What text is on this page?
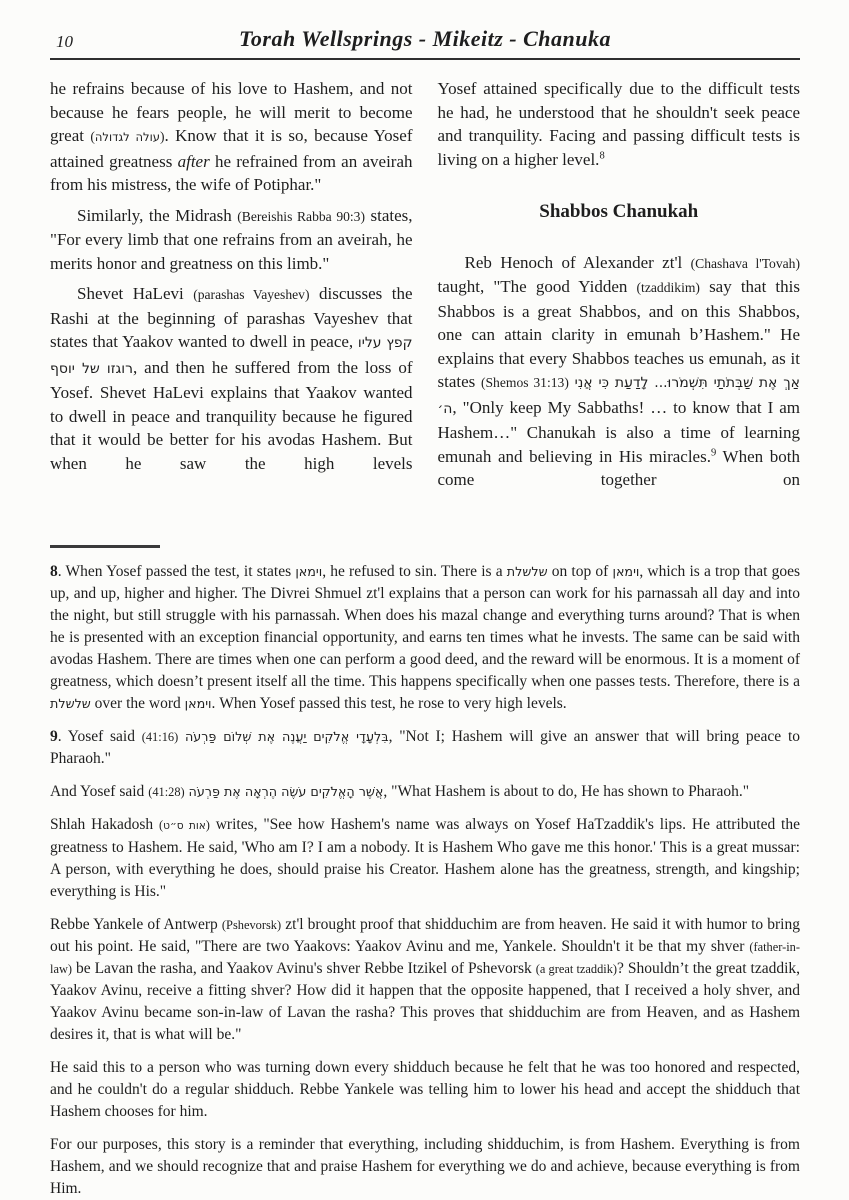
10	Torah Wellsprings - Mikeitz - Chanuka

he refrains because of his love to Hashem, and not because he fears people, he will merit to become great (עולה לגדולה). Know that it is so, because Yosef attained greatness after he refrained from an aveirah from his mistress, the wife of Potiphar."

Similarly, the Midrash (Bereishis Rabba 90:3) states, "For every limb that one refrains from an aveirah, he merits honor and greatness on this limb."

Shevet HaLevi (parashas Vayeshev) discusses the Rashi at the beginning of parashas Vayeshev that states that Yaakov wanted to dwell in peace, קפץ עליו רוגזו של יוסף, and then he suffered from the loss of Yosef. Shevet HaLevi explains that Yaakov wanted to dwell in peace and tranquility because he figured that it would be better for his avodas Hashem. But when he saw the high levels

Yosef attained specifically due to the difficult tests he had, he understood that he shouldn't seek peace and tranquility. Facing and passing difficult tests is living on a higher level.$^8$

Shabbos Chanukah

Reb Henoch of Alexander zt'l (Chashava l'Tovah) taught, "The good Yidden (tzaddikim) say that this Shabbos is a great Shabbos, and on this Shabbos, one can attain clarity in emunah b’Hashem." He explains that every Shabbos teaches us emunah, as it states (Shemos 31:13) אַךְ אֶת שַׁבְּתֹתַי תִּשְׁמֹרוּ... לָדַעַת כִּי אֲנִי ה׳, "Only keep My Sabbaths! … to know that I am Hashem…" Chanukah is also a time of learning emunah and believing in His miracles.$^9$ When both come together on

8. When Yosef passed the test, it states וימאן, he refused to sin. There is a שלשלת on top of וימאן, which is a trop that goes up, and up, higher and higher. The Divrei Shmuel zt'l explains that a person can work for his parnassah all day and into the night, but still struggle with his parnassah. When does his mazal change and everything turns around? That is when he is presented with an exception financial opportunity, and earns ten times what he invests. The same can be said with avodas Hashem. There are times when one can perform a good deed, and the reward will be enormous. It is a moment of greatness, which doesn’t present itself all the time. This happens specifically when one passes tests. Therefore, there is a שלשלת over the word וימאן. When Yosef passed this test, he rose to very high levels.

9. Yosef said (41:16) בִּלְעָדָי אֱלֹקִים יַעֲנֶה אֶת שְׁלוֹם פַּרְעֹה, "Not I; Hashem will give an answer that will bring peace to Pharaoh."

And Yosef said (41:28) אֲשֶׁר הָאֱלֹקִים עֹשֶׂה הֶרְאָה אֶת פַּרְעֹה, "What Hashem is about to do, He has shown to Pharaoh."

Shlah Hakadosh (אות ס״ט) writes, "See how Hashem's name was always on Yosef HaTzaddik's lips. He attributed the greatness to Hashem. He said, 'Who am I? I am a nobody. It is Hashem Who gave me this honor.' This is a great mussar: A person, with everything he does, should praise his Creator. Hashem alone has the greatness, strength, and kingship; everything is His."

Rebbe Yankele of Antwerp (Pshevorsk) zt'l brought proof that shidduchim are from heaven. He said it with humor to bring out his point. He said, "There are two Yaakovs: Yaakov Avinu and me, Yankele. Shouldn't it be that my shver (father-in-law) be Lavan the rasha, and Yaakov Avinu's shver Rebbe Itzikel of Pshevorsk (a great tzaddik)? Shouldn’t the great tzaddik, Yaakov Avinu, receive a fitting shver? How did it happen that the opposite happened, that I received a holy shver, and Yaakov Avinu became son-in-law of Lavan the rasha? This proves that shidduchim are from Heaven, and as Hashem desires it, that is what will be."

He said this to a person who was turning down every shidduch because he felt that he was too honored and respected, and he couldn't do a regular shidduch. Rebbe Yankele was telling him to lower his head and accept the shidduch that Hashem chooses for him.

For our purposes, this story is a reminder that everything, including shidduchim, is from Hashem. Everything is from Hashem, and we should recognize that and praise Hashem for everything we do and achieve, because everything is from Him.
